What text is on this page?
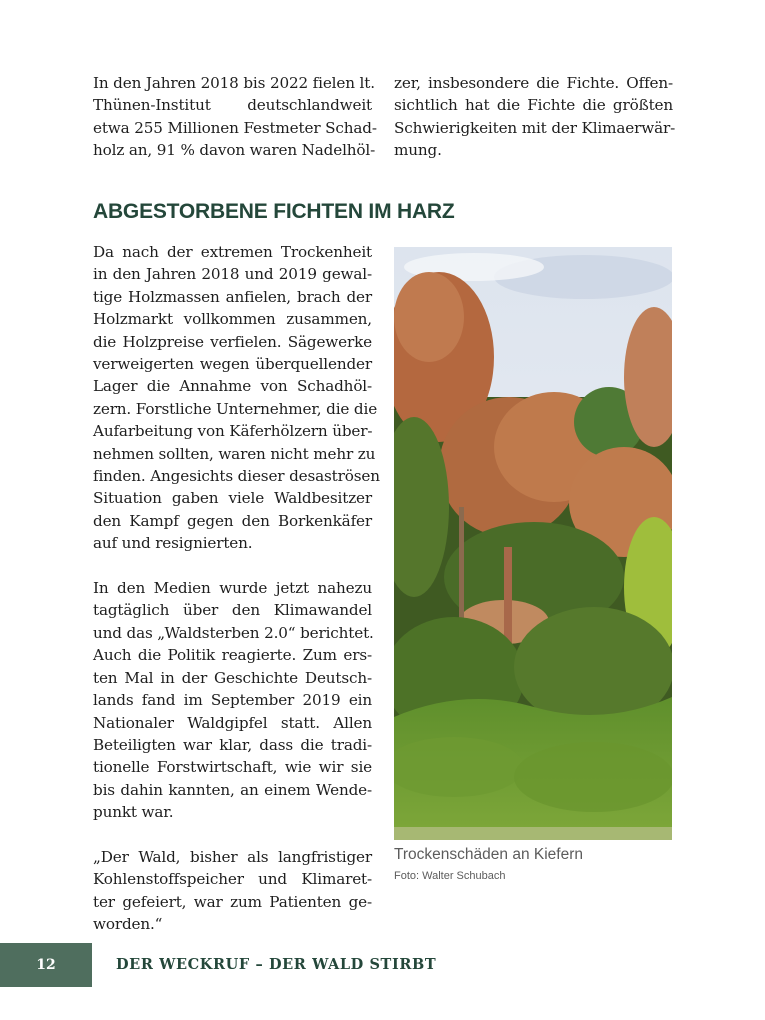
In den Jahren 2018 bis 2022 fielen lt.
Thünen-Institut deutschlandweit
etwa 255 Millionen Festmeter Schad-
holz an, 91 % davon waren Nadelhöl-
zer, insbesondere die Fichte. Offen-
sichtlich hat die Fichte die größten
Schwierigkeiten mit der Klimaerwär-
mung.
ABGESTORBENE FICHTEN IM HARZ

Da nach der extremen Trockenheit
in den Jahren 2018 und 2019 gewal-
tige Holzmassen anfielen, brach der
Holzmarkt vollkommen zusammen,
die Holzpreise verfielen. Sägewerke
verweigerten wegen überquellender
Lager die Annahme von Schadhöl-
zern. Forstliche Unternehmer, die die
Aufarbeitung von Käferhölzern über-
nehmen sollten, waren nicht mehr zu
finden. Angesichts dieser desaströsen
Situation gaben viele Waldbesitzer
den Kampf gegen den Borkenkäfer
auf und resignierten.

In den Medien wurde jetzt nahezu
tagtäglich über den Klimawandel
und das „Waldsterben 2.0“ berichtet.
Auch die Politik reagierte. Zum ers-
ten Mal in der Geschichte Deutsch-
lands fand im September 2019 ein
Nationaler Waldgipfel statt. Allen
Beteiligten war klar, dass die tradi-
tionelle Forstwirtschaft, wie wir sie
bis dahin kannten, an einem Wende-
punkt war.

„Der Wald, bisher als langfristiger
Kohlenstoffspeicher und Klimaret-
ter gefeiert, war zum Patienten ge-
worden.“

Trockenschäden an Kiefern
Foto: Walter Schubach
12	DER WECKRUF – DER WALD STIRBT
